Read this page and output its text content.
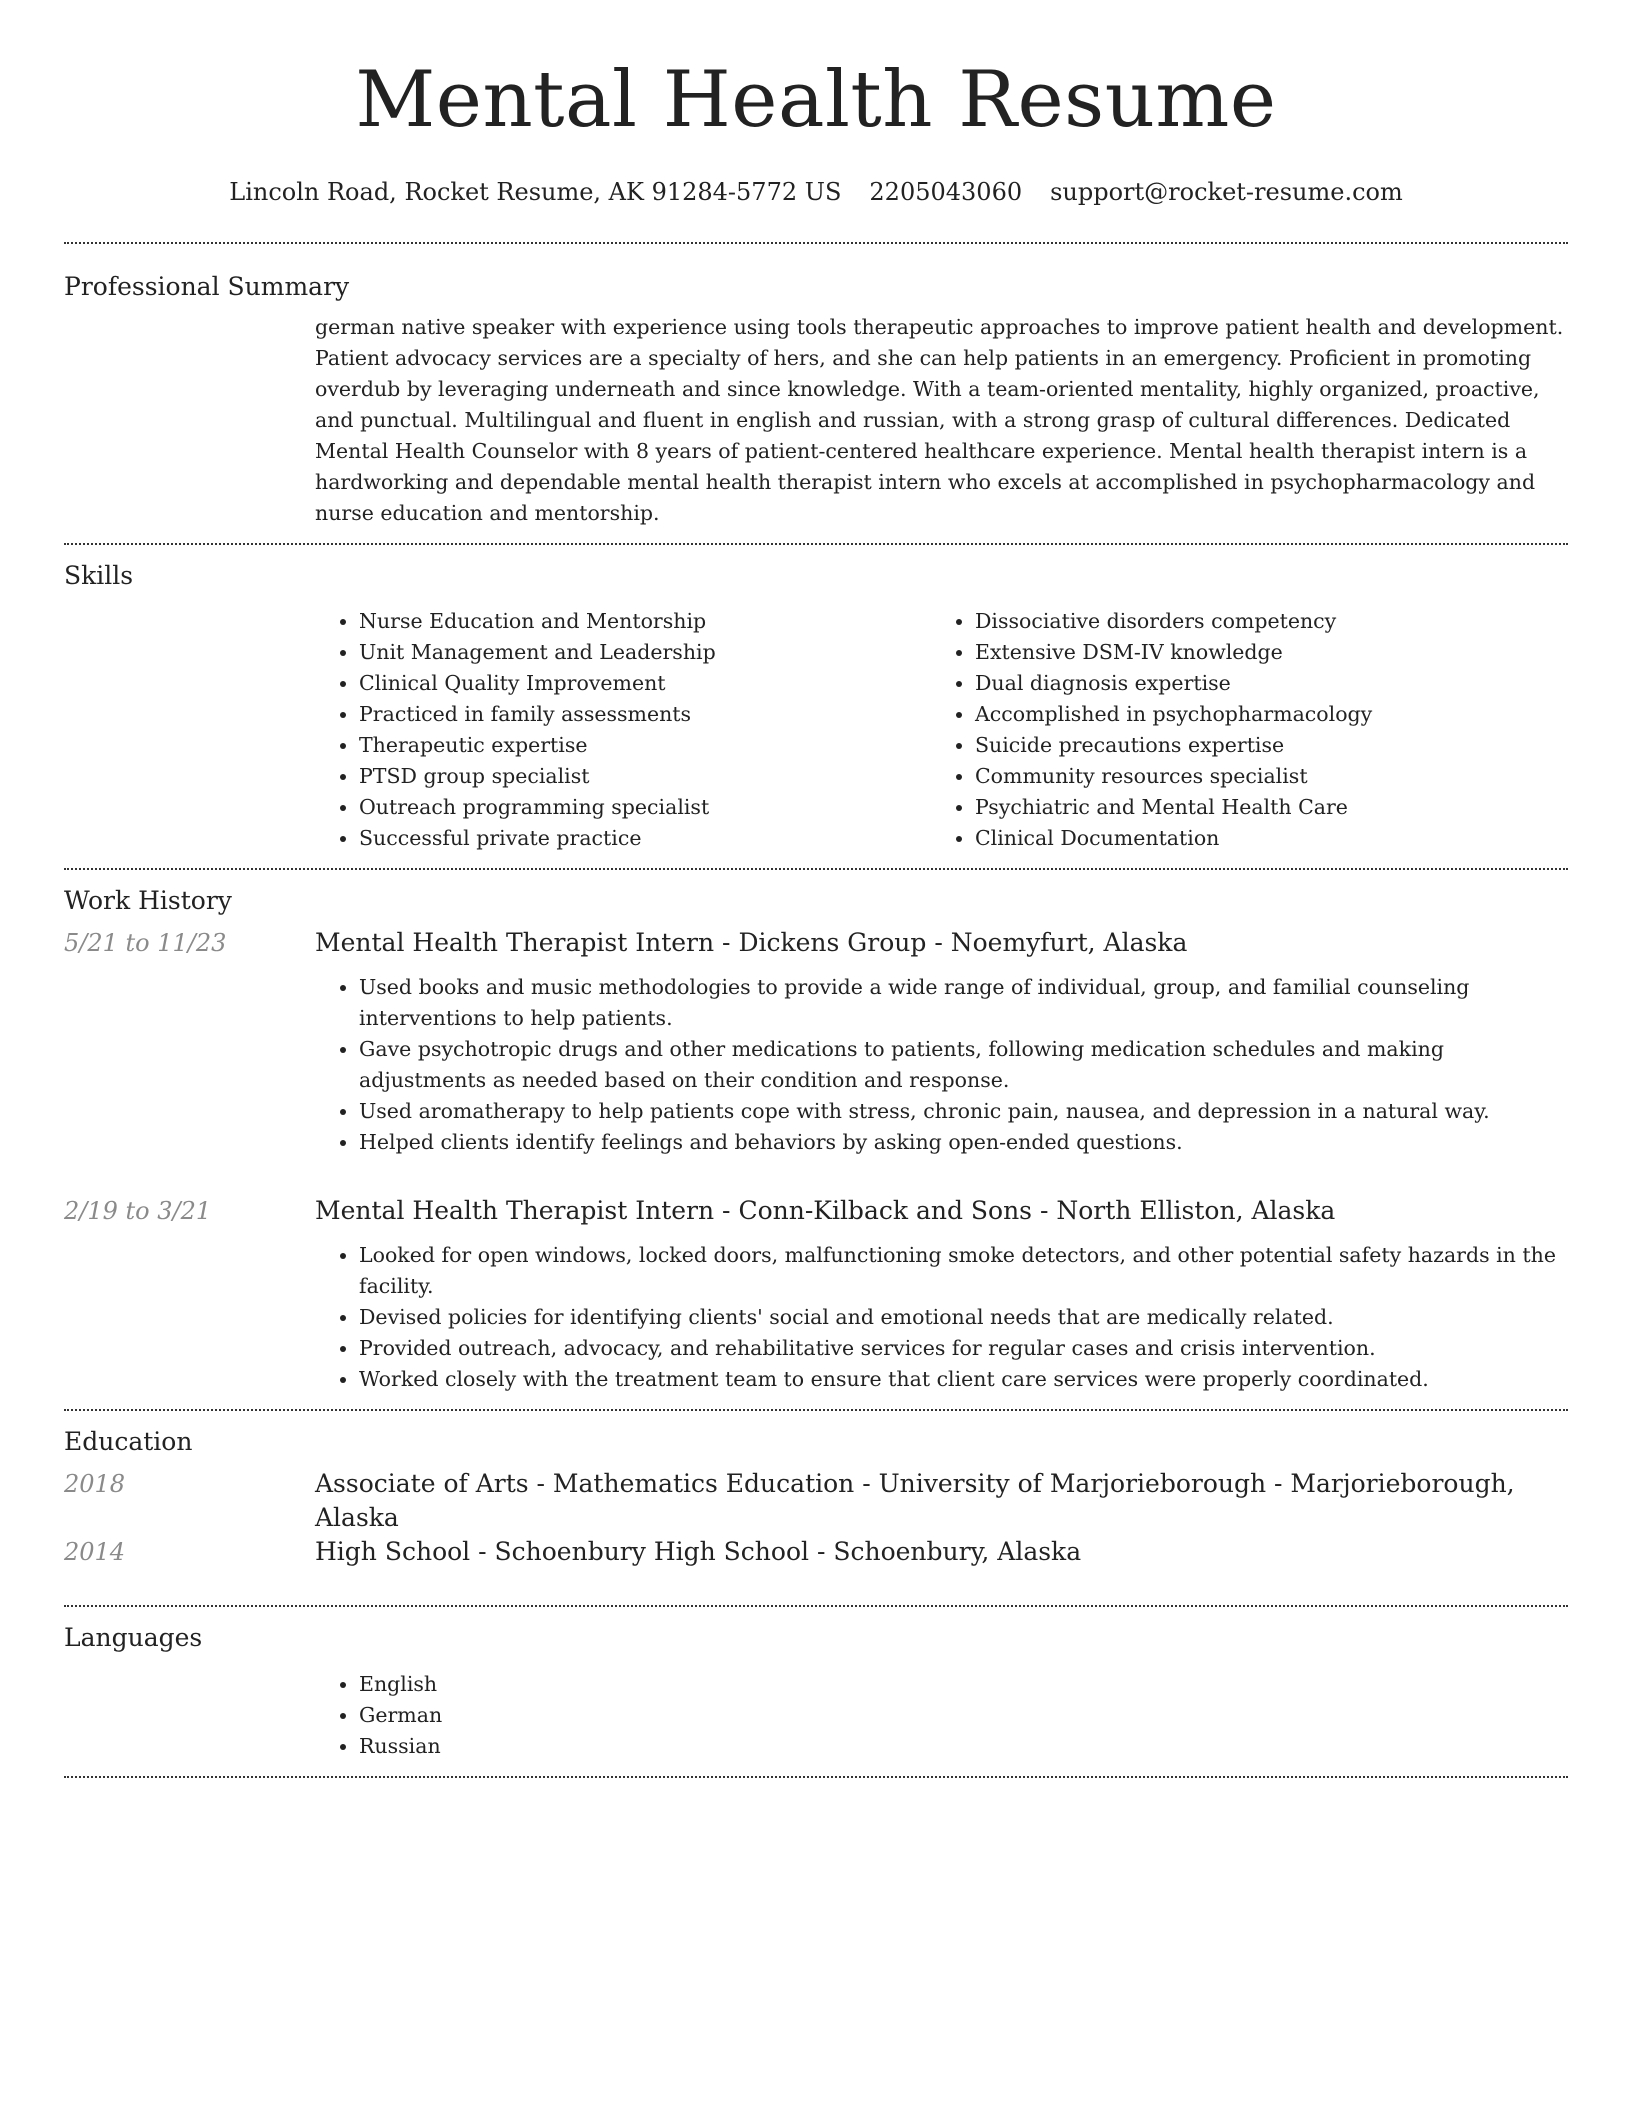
Mental Health Resume
Lincoln Road, Rocket Resume, AK 91284-5772 US 2205043060 support@rocket-resume.com
Professional Summary

german native speaker with experience using tools therapeutic approaches to improve patient health and development. Patient advocacy services are a specialty of hers, and she can help patients in an emergency. Proficient in promoting overdub by leveraging underneath and since knowledge. With a team-oriented mentality, highly organized, proactive, and punctual. Multilingual and fluent in english and russian, with a strong grasp of cultural differences. Dedicated Mental Health Counselor with 8 years of patient-centered healthcare experience. Mental health therapist intern is a hardworking and dependable mental health therapist intern who excels at accomplished in psychopharmacology and nurse education and mentorship.

Skills
• Nurse Education and Mentorship
• Unit Management and Leadership
• Clinical Quality Improvement
• Practiced in family assessments
• Therapeutic expertise
• PTSD group specialist
• Outreach programming specialist
• Successful private practice
• Dissociative disorders competency
• Extensive DSM-IV knowledge
• Dual diagnosis expertise
• Accomplished in psychopharmacology
• Suicide precautions expertise
• Community resources specialist
• Psychiatric and Mental Health Care
• Clinical Documentation
Work History
5/21 to 11/23	Mental Health Therapist Intern - Dickens Group - Noemyfurt, Alaska
• Used books and music methodologies to provide a wide range of individual, group, and familial counseling interventions to help patients.
• Gave psychotropic drugs and other medications to patients, following medication schedules and making adjustments as needed based on their condition and response.
• Used aromatherapy to help patients cope with stress, chronic pain, nausea, and depression in a natural way.
• Helped clients identify feelings and behaviors by asking open-ended questions.
2/19 to 3/21	Mental Health Therapist Intern - Conn-Kilback and Sons - North Elliston, Alaska
• Looked for open windows, locked doors, malfunctioning smoke detectors, and other potential safety hazards in the facility.
• Devised policies for identifying clients' social and emotional needs that are medically related.
• Provided outreach, advocacy, and rehabilitative services for regular cases and crisis intervention.
• Worked closely with the treatment team to ensure that client care services were properly coordinated.
Education
2018	Associate of Arts - Mathematics Education - University of Marjorieborough - Marjorieborough, Alaska
2014	High School - Schoenbury High School - Schoenbury, Alaska
Languages
• English
• German
• Russian
